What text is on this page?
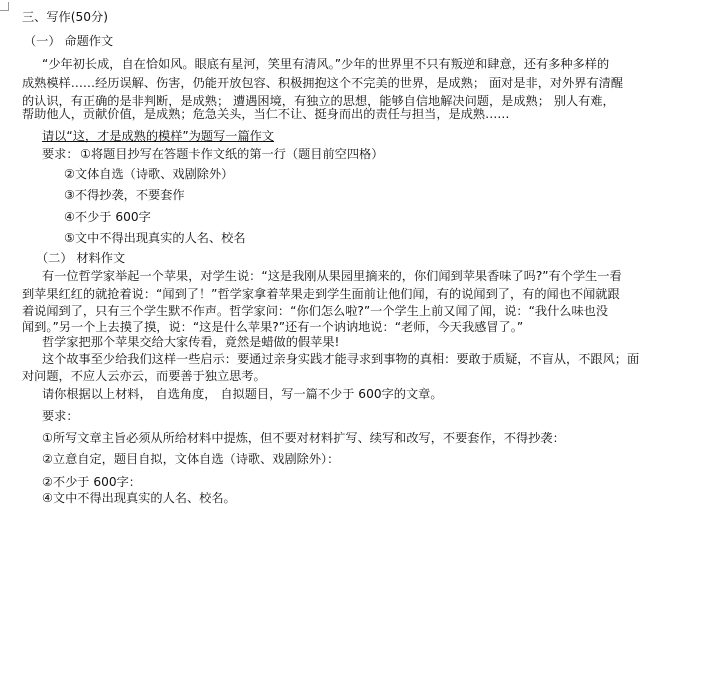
三、写作(50分)
（一） 命题作文
“少年初长成，自在恰如风。眼底有星河，笑里有清风。”少年的世界里不只有叛逆和肆意，还有多种多样的
成熟模样……经历误解、伤害，仍能开放包容、积极拥抱这个不完美的世界，是成熟； 面对是非，对外界有清醒
的认识，有正确的是非判断，是成熟； 遭遇困境，有独立的思想，能够自信地解决问题，是成熟； 别人有难，
帮助他人，贡献价值，是成熟；危急关头，当仁不让、挺身而出的责任与担当，是成熟……
请以“这，才是成熟的模样”为题写一篇作文
要求： ①将题目抄写在答题卡作文纸的第一行（题目前空四格）
②文体自选（诗歌、戏剧除外）
③不得抄袭，不要套作
④不少于 600字
⑤文中不得出现真实的人名、校名
（二） 材料作文
有一位哲学家举起一个苹果，对学生说：“这是我刚从果园里摘来的，你们闻到苹果香味了吗?”有个学生一看
到苹果红红的就抢着说：“闻到了！”哲学家拿着苹果走到学生面前让他们闻，有的说闻到了，有的闻也不闻就跟
着说闻到了，只有三个学生默不作声。哲学家问：“你们怎么啦?”一个学生上前又闻了闻，说：“我什么味也没
闻到。”另一个上去摸了摸，说：“这是什么苹果?”还有一个讷讷地说：“老师，今天我感冒了。”
哲学家把那个苹果交给大家传看，竟然是蜡做的假苹果!
这个故事至少给我们这样一些启示：要通过亲身实践才能寻求到事物的真相：要敢于质疑，不盲从，不跟风；面
对问题，不应人云亦云，而要善于独立思考。
请你根据以上材料， 自选角度， 自拟题目，写一篇不少于 600字的文章。
要求：
①所写文章主旨必须从所给材料中提炼，但不要对材料扩写、续写和改写，不要套作，不得抄袭：
②立意自定，题目自拟，文体自选（诗歌、戏剧除外）：
②不少于 600字：
④文中不得出现真实的人名、校名。
